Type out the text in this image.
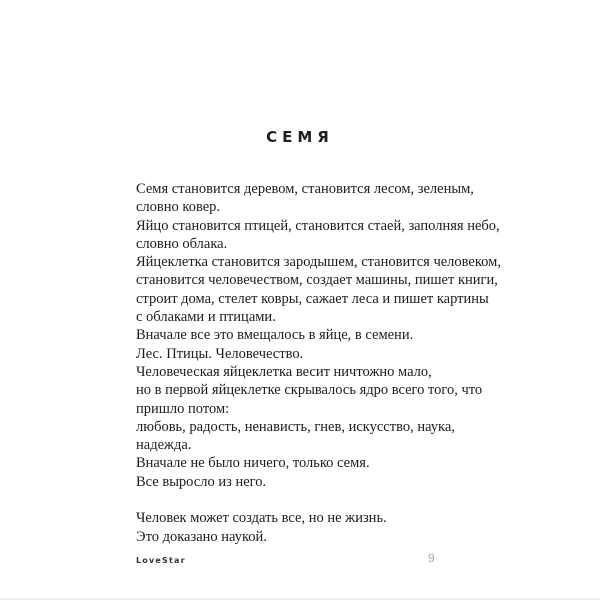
СЕМЯ
Семя становится деревом, становится лесом, зеленым,
словно ковер.
Яйцо становится птицей, становится стаей, заполняя небо,
словно облака.
Яйцеклетка становится зародышем, становится человеком,
становится человечеством, создает машины, пишет книги,
строит дома, стелет ковры, сажает леса и пишет картины
с облаками и птицами.
Вначале все это вмещалось в яйце, в семени.
Лес. Птицы. Человечество.
Человеческая яйцеклетка весит ничтожно мало,
но в первой яйцеклетке скрывалось ядро всего того, что
пришло потом:
любовь, радость, ненависть, гнев, искусство, наука,
надежда.
Вначале не было ничего, только семя.
Все выросло из него.
Человек может создать все, но не жизнь.
Это доказано наукой.
LoveStar	9
